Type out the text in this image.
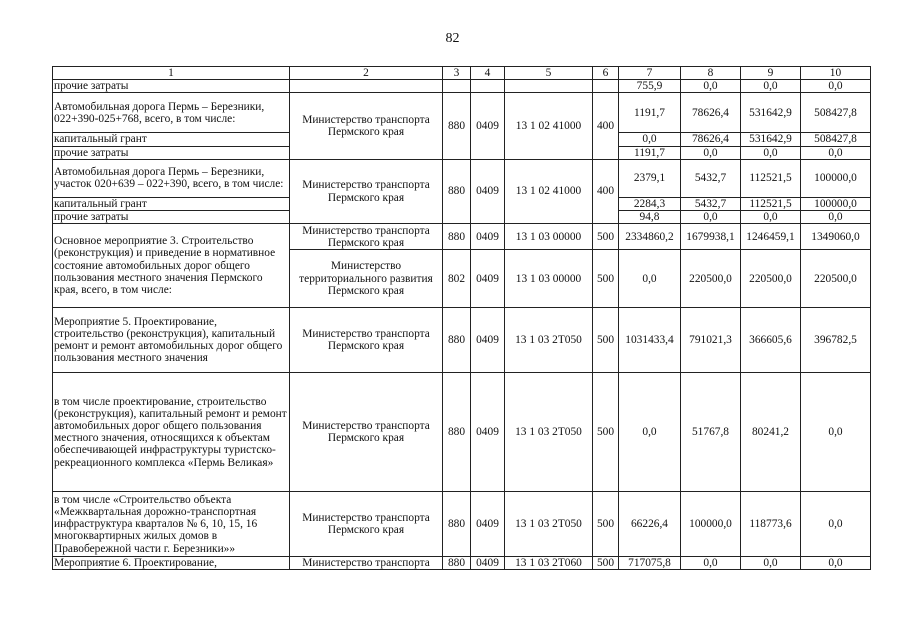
82
1	2	3	4	5	6	7	8	9	10
прочие затраты						755,9	0,0	0,0	0,0
Автомобильная дорога Пермь – Березники, 022+390-025+768, всего, в том числе:	Министерство транспорта Пермского края	880	0409	13 1 02 41000	400	1191,7	78626,4	531642,9	508427,8
капитальный грант						0,0	78626,4	531642,9	508427,8
прочие затраты						1191,7	0,0	0,0	0,0
Автомобильная дорога Пермь – Березники, участок 020+639 – 022+390, всего, в том числе:	Министерство транспорта Пермского края	880	0409	13 1 02 41000	400	2379,1	5432,7	112521,5	100000,0
капитальный грант						2284,3	5432,7	112521,5	100000,0
прочие затраты						94,8	0,0	0,0	0,0
Основное мероприятие 3. Строительство (реконструкция) и приведение в нормативное состояние автомобильных дорог общего пользования местного значения Пермского края, всего, в том числе:	Министерство транспорта Пермского края	880	0409	13 1 03 00000	500	2334860,2	1679938,1	1246459,1	1349060,0
	Министерство территориального развития Пермского края	802	0409	13 1 03 00000	500	0,0	220500,0	220500,0	220500,0
Мероприятие 5. Проектирование, строительство (реконструкция), капитальный ремонт и ремонт автомобильных дорог общего пользования местного значения	Министерство транспорта Пермского края	880	0409	13 1 03 2Т050	500	1031433,4	791021,3	366605,6	396782,5
в том числе проектирование, строительство (реконструкция), капитальный ремонт и ремонт автомобильных дорог общего пользования местного значения, относящихся к объектам обеспечивающей инфраструктуры туристско-рекреационного комплекса «Пермь Великая»	Министерство транспорта Пермского края	880	0409	13 1 03 2Т050	500	0,0	51767,8	80241,2	0,0
в том числе «Строительство объекта «Межквартальная дорожно-транспортная инфраструктура кварталов № 6, 10, 15, 16 многоквартирных жилых домов в Правобережной части г. Березники»»	Министерство транспорта Пермского края	880	0409	13 1 03 2Т050	500	66226,4	100000,0	118773,6	0,0
Мероприятие 6. Проектирование,	Министерство транспорта	880	0409	13 1 03 2Т060	500	717075,8	0,0	0,0	0,0
